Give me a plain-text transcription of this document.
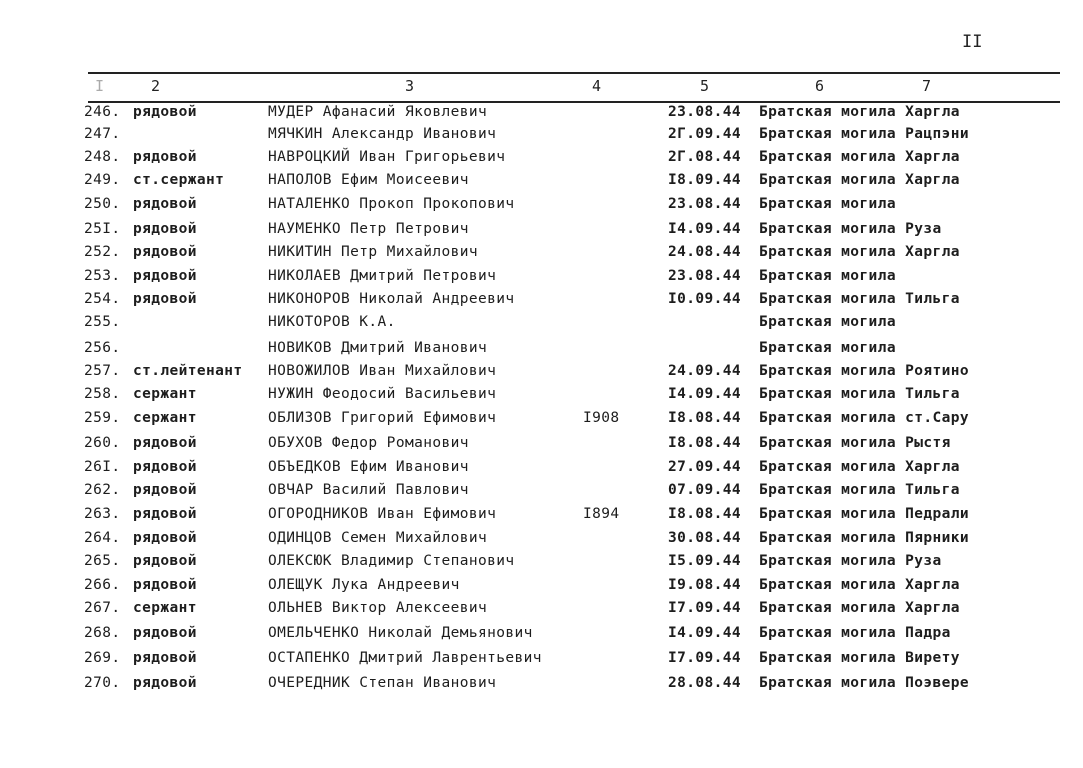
II
I	2	3	4	5	6	7
246. рядовой	МУДЕР Афанасий Яковлевич	23.08.44 Братская могила Харгла
247.	МЯЧКИН Александр Иванович	2Г.09.44 Братская могила Рацпэни
248. рядовой	НАВРОЦКИЙ Иван Григорьевич	2Г.08.44 Братская могила Харгла
249. ст.сержант	НАПОЛОВ Ефим Моисеевич	I8.09.44 Братская могила Харгла
250. рядовой	НАТАЛЕНКО Прокоп Прокопович	23.08.44 Братская могила
25I. рядовой	НАУМЕНКО Петр Петрович	I4.09.44 Братская могила Руза
252. рядовой	НИКИТИН Петр Михайлович	24.08.44 Братская могила Харгла
253. рядовой	НИКОЛАЕВ Дмитрий Петрович	23.08.44 Братская могила
254. рядовой	НИКОНОРОВ Николай Андреевич	I0.09.44 Братская могила Тильга
255.	НИКОТОРОВ К.А.	Братская могила
256.	НОВИКОВ Дмитрий Иванович	Братская могила
257. ст.лейтенант НОВОЖИЛОВ Иван Михайлович	24.09.44 Братская могила Роятино
258. сержант	НУЖИН Феодосий Васильевич	I4.09.44 Братская могила Тильга
259. сержант	ОБЛИЗОВ Григорий Ефимович	I908	I8.08.44 Братская могила ст.Сару
260. рядовой	ОБУХОВ Федор Романович	I8.08.44 Братская могила Рыстя
26I. рядовой	ОБЪЕДКОВ Ефим Иванович	27.09.44 Братская могила Харгла
262. рядовой	ОВЧАР Василий Павлович	07.09.44 Братская могила Тильга
263. рядовой	ОГОРОДНИКОВ Иван Ефимович	I894	I8.08.44 Братская могила Педрали
264. рядовой	ОДИНЦОВ Семен Михайлович	30.08.44 Братская могила Пярники
265. рядовой	ОЛЕКСЮК Владимир Степанович	I5.09.44 Братская могила Руза
266. рядовой	ОЛЕЩУК Лука Андреевич	I9.08.44 Братская могила Харгла
267. сержант	ОЛЬНЕВ Виктор Алексеевич	I7.09.44 Братская могила Харгла
268. рядовой	ОМЕЛЬЧЕНКО Николай Демьянович	I4.09.44 Братская могила Падра
269. рядовой	ОСТАПЕНКО Дмитрий Лаврентьевич	I7.09.44 Братская могила Вирету
270. рядовой	ОЧЕРЕДНИК Степан Иванович	28.08.44 Братская могила Поэвере
